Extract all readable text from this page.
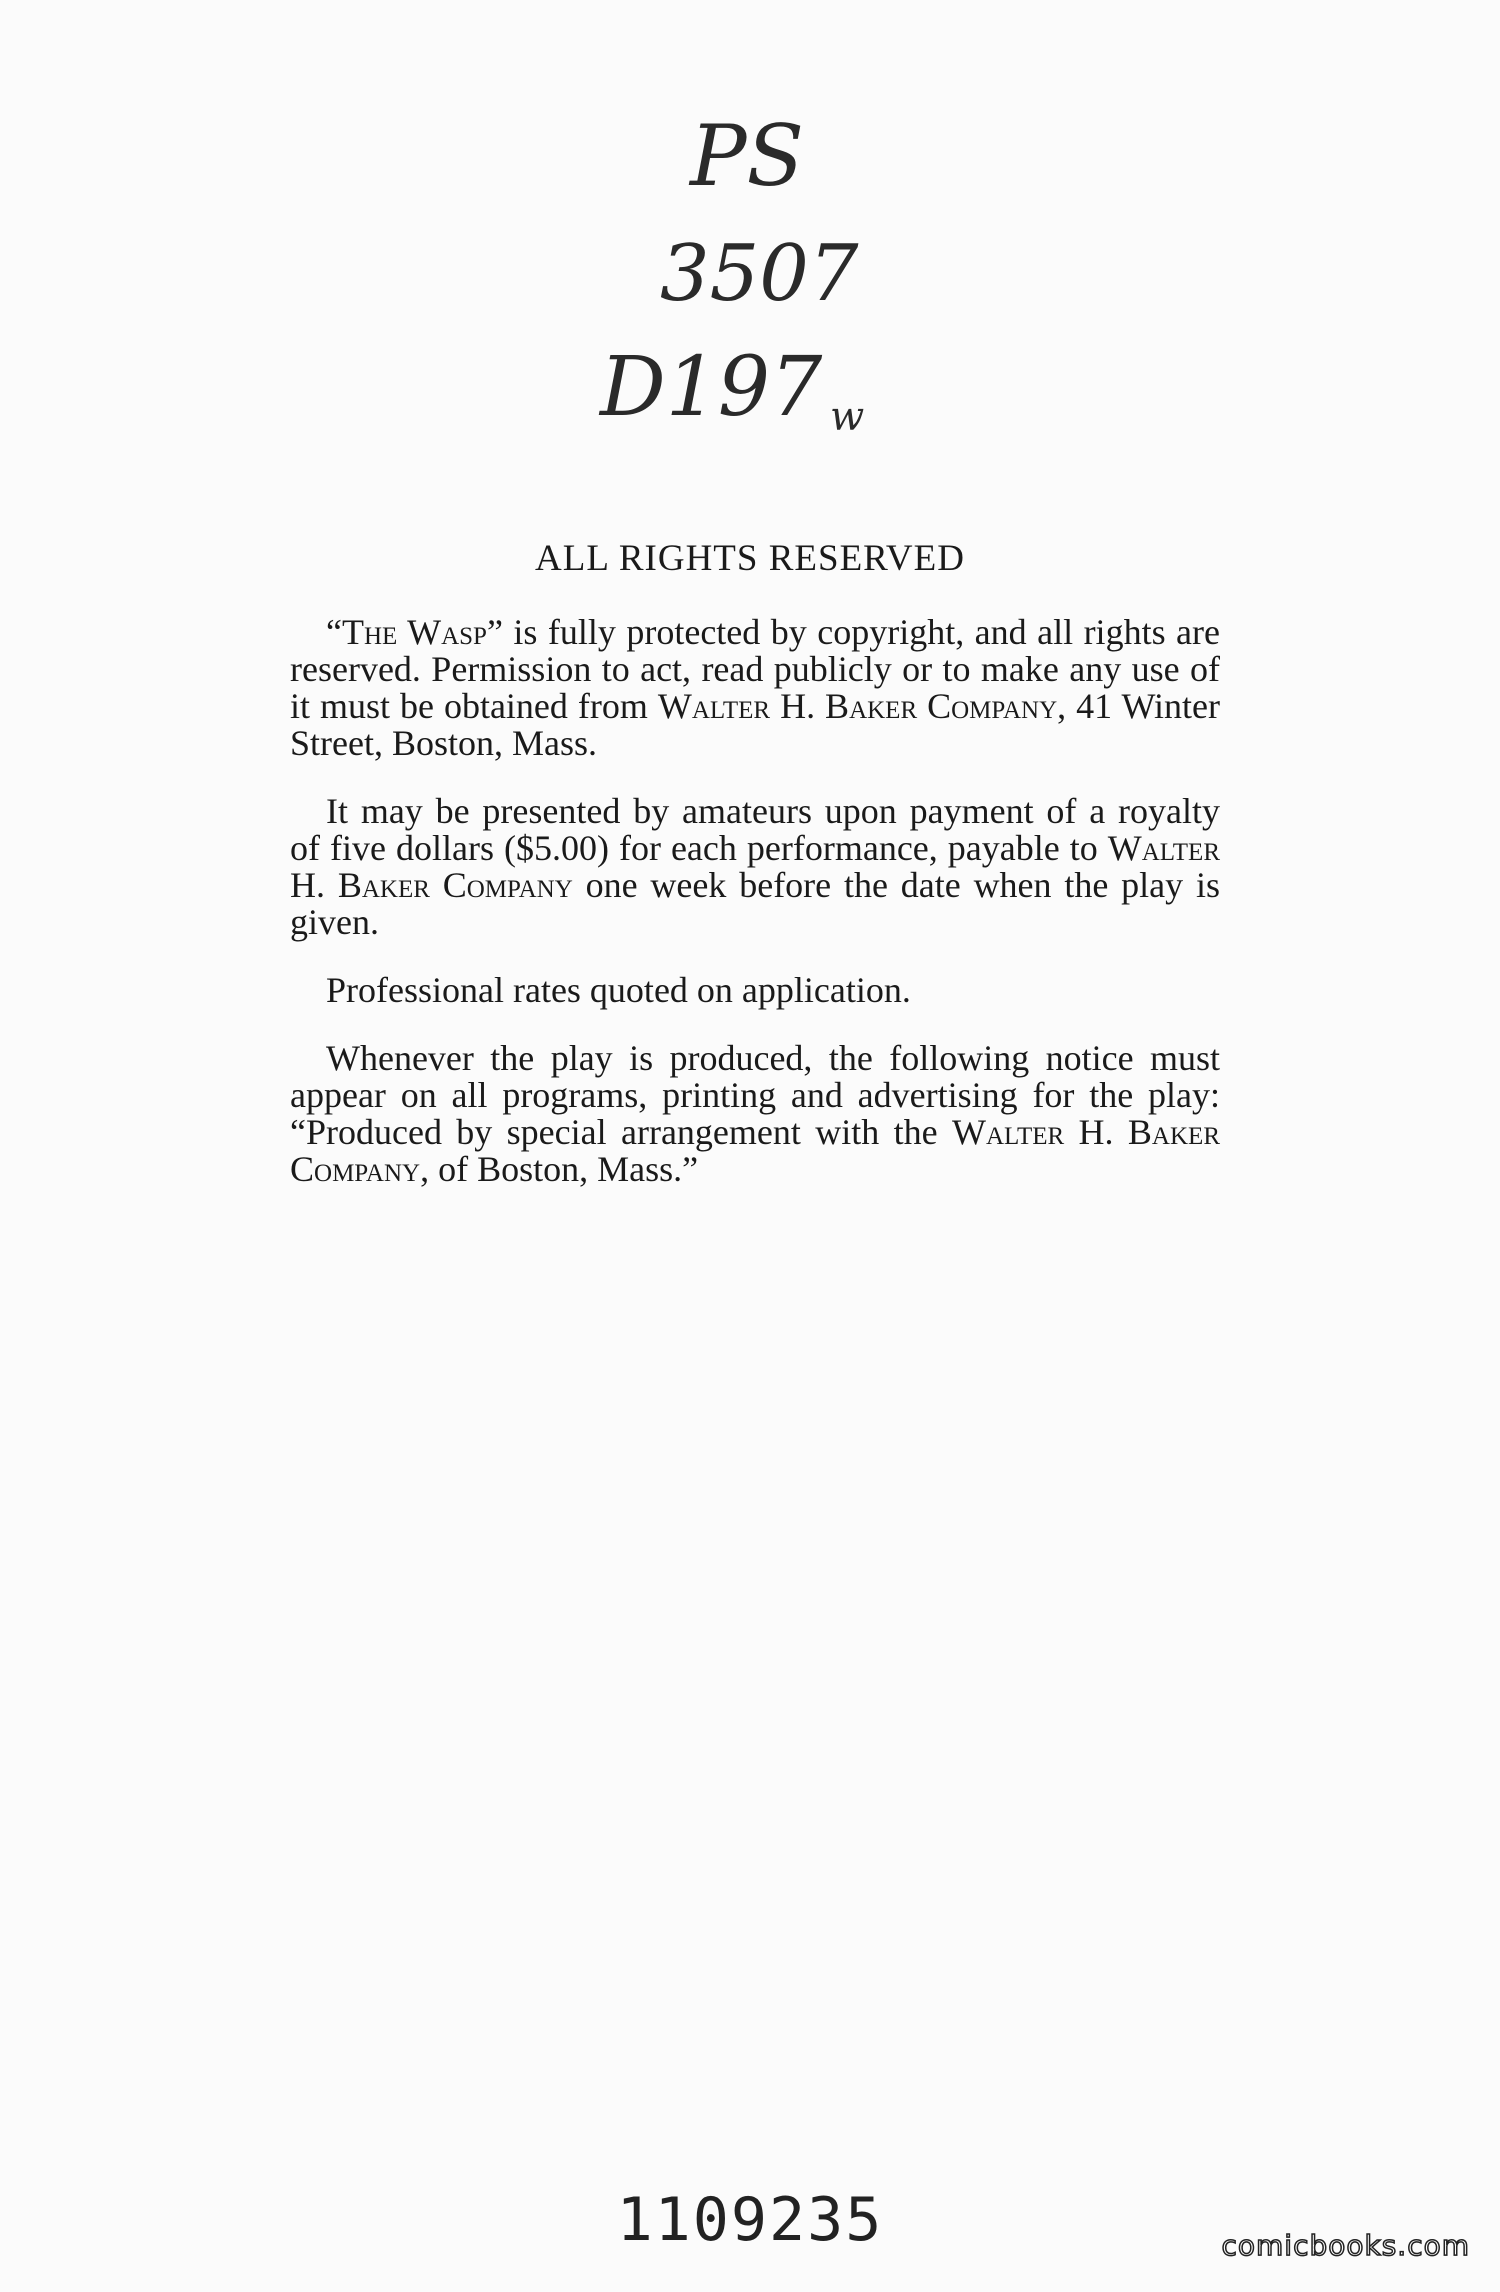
PS
3507
D197 w
ALL RIGHTS RESERVED

“The Wasp” is fully protected by copyright, and all rights are reserved. Permission to act, read publicly or to make any use of it must be obtained from Walter H. Baker Company, 41 Winter Street, Boston, Mass.

It may be presented by amateurs upon payment of a royalty of five dollars ($5.00) for each performance, payable to Walter H. Baker Company one week before the date when the play is given.

Professional rates quoted on application.

Whenever the play is produced, the following notice must appear on all programs, printing and advertising for the play: “Produced by special arrangement with the Walter H. Baker Company, of Boston, Mass.”

1109235	comicbooks.com
